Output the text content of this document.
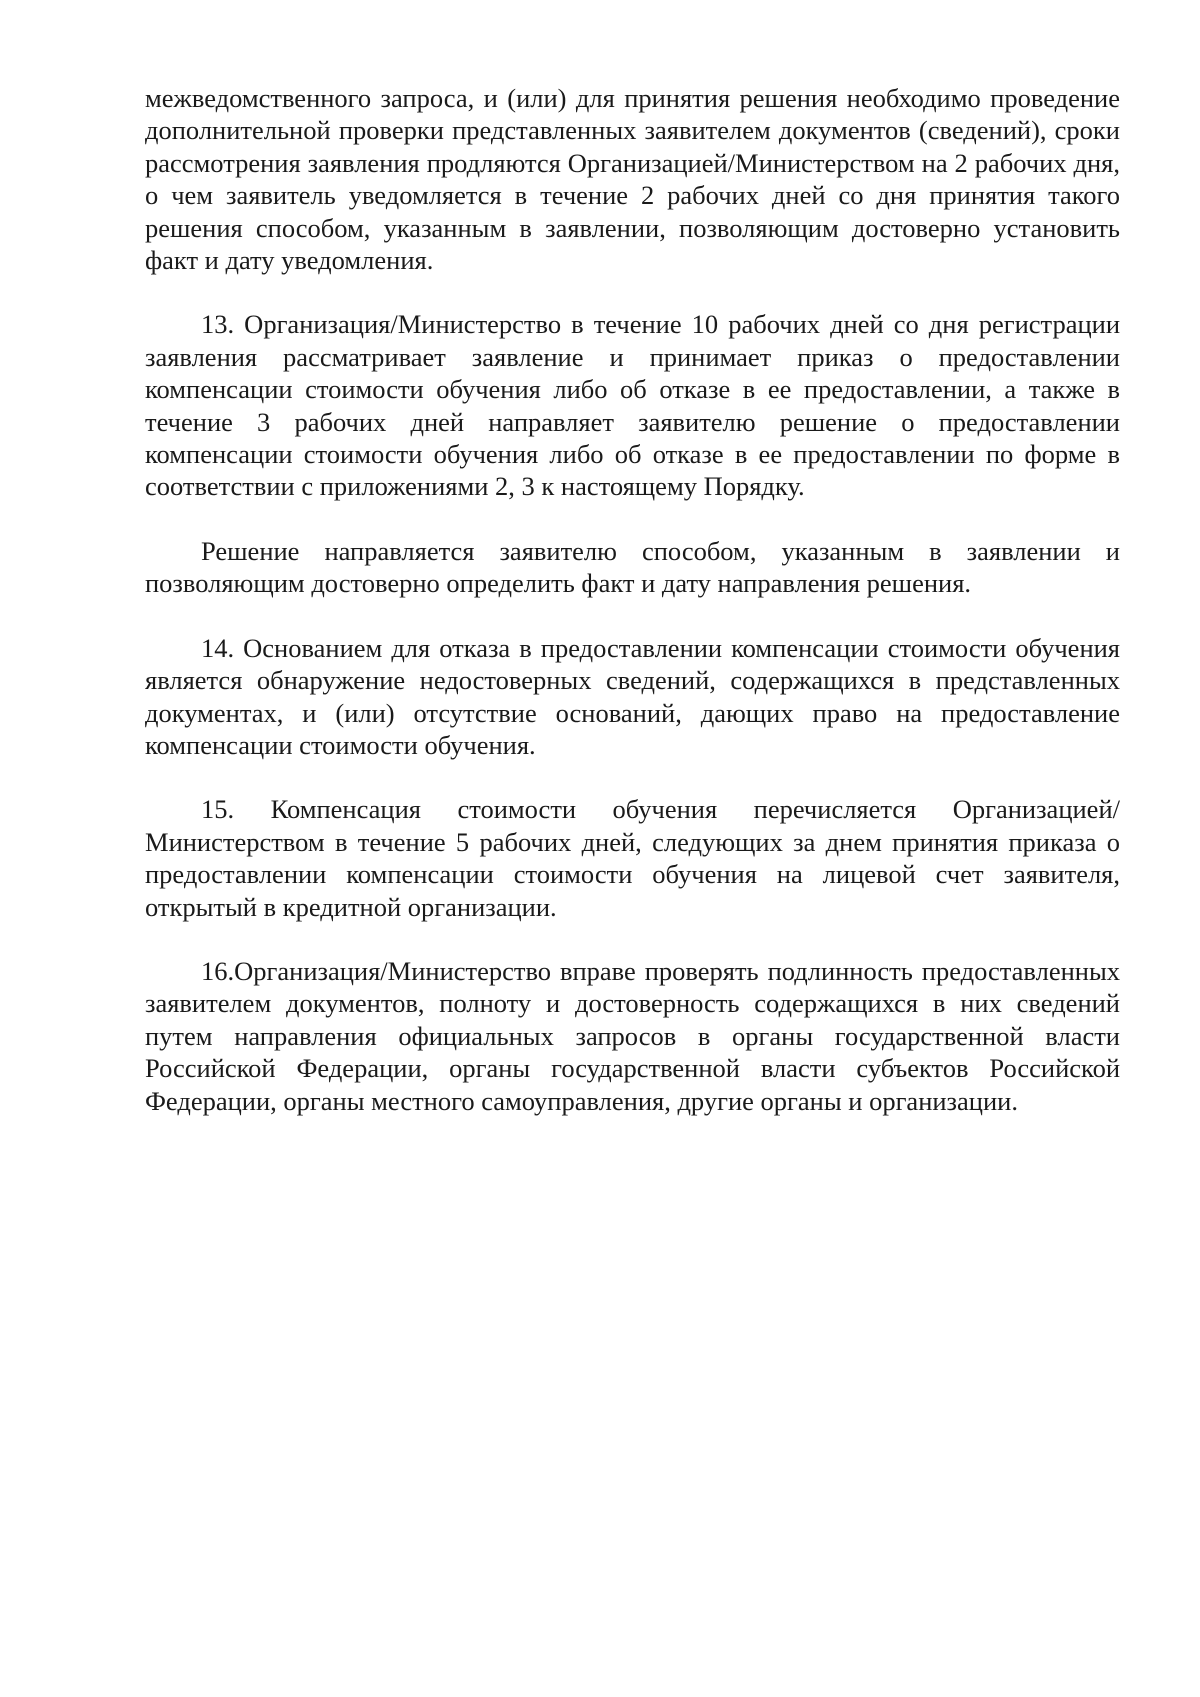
межведомственного запроса, и (или) для принятия решения необходимо проведение дополнительной проверки представленных заявителем документов (сведений), сроки рассмотрения заявления продляются Организацией/Министерством на 2 рабочих дня, о чем заявитель уведомляется в течение 2 рабочих дней со дня принятия такого решения способом, указанным в заявлении, позволяющим достоверно установить факт и дату уведомления.

13. Организация/Министерство в течение 10 рабочих дней со дня регистрации заявления рассматривает заявление и принимает приказ о предоставлении компенсации стоимости обучения либо об отказе в ее предоставлении, а также в течение 3 рабочих дней направляет заявителю решение о предоставлении компенсации стоимости обучения либо об отказе в ее предоставлении по форме в соответствии с приложениями 2, 3 к настоящему Порядку.

Решение направляется заявителю способом, указанным в заявлении и позволяющим достоверно определить факт и дату направления решения.

14. Основанием для отказа в предоставлении компенсации стоимости обучения является обнаружение недостоверных сведений, содержащихся в представленных документах, и (или) отсутствие оснований, дающих право на предоставление компенсации стоимости обучения.

15. Компенсация стоимости обучения перечисляется Организацией/ Министерством в течение 5 рабочих дней, следующих за днем принятия приказа о предоставлении компенсации стоимости обучения на лицевой счет заявителя, открытый в кредитной организации.

16.Организация/Министерство вправе проверять подлинность предоставленных заявителем документов, полноту и достоверность содержащихся в них сведений путем направления официальных запросов в органы государственной власти Российской Федерации, органы государственной власти субъектов Российской Федерации, органы местного самоуправления, другие органы и организации.
